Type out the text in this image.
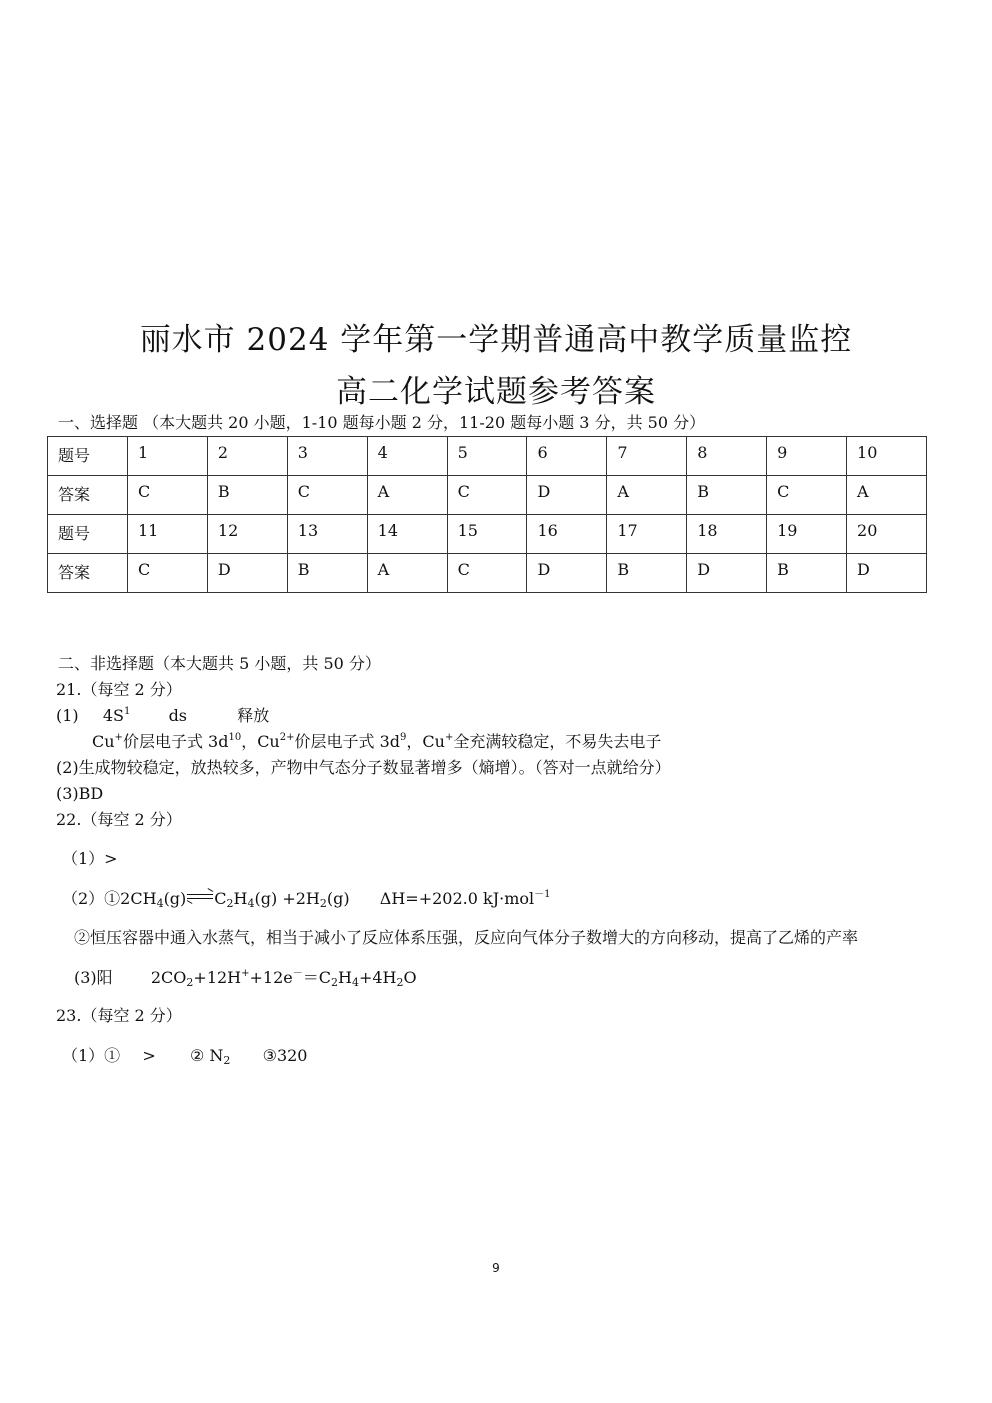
丽水市 2024 学年第一学期普通高中教学质量监控
高二化学试题参考答案
一、选择题 （本大题共 20 小题，1-10 题每小题 2 分，11-20 题每小题 3 分，共 50 分）
题号	1	2	3	4	5	6	7	8	9	10
答案	C	B	C	A	C	D	A	B	C	A
题号	11	12	13	14	15	16	17	18	19	20
答案	C	D	B	A	C	D	B	D	B	D
二、非选择题（本大题共 5 小题，共 50 分）
21.（每空 2 分）
(1) $4S^1$ ds	释放
Cu+价层电子式 $3d^{10}$，$Cu^{2+}$价层电子式 $3d^9$，Cu+全充满较稳定，不易失去电子
(2)生成物较稳定，放热较多，产物中气态分子数显著增多（熵增）。（答对一点就给分）
(3)BD
22.（每空 2 分）
（1）>
$(2)①2CH_4(g)$ $C_2H_4(g) +2H_2(g)$ ΔH=+202.0 kJ·mol$^{-1}$
②恒压容器中通入水蒸气，相当于减小了反应体系压强，反应向气体分子数增大的方向移动，提高了乙烯的产率
(3)阳 $2CO_2+12H^++12e^-=C_2H_4+4H_2O$
23.（每空 2 分）
（1）① > ② $N_2$ ③320
9
